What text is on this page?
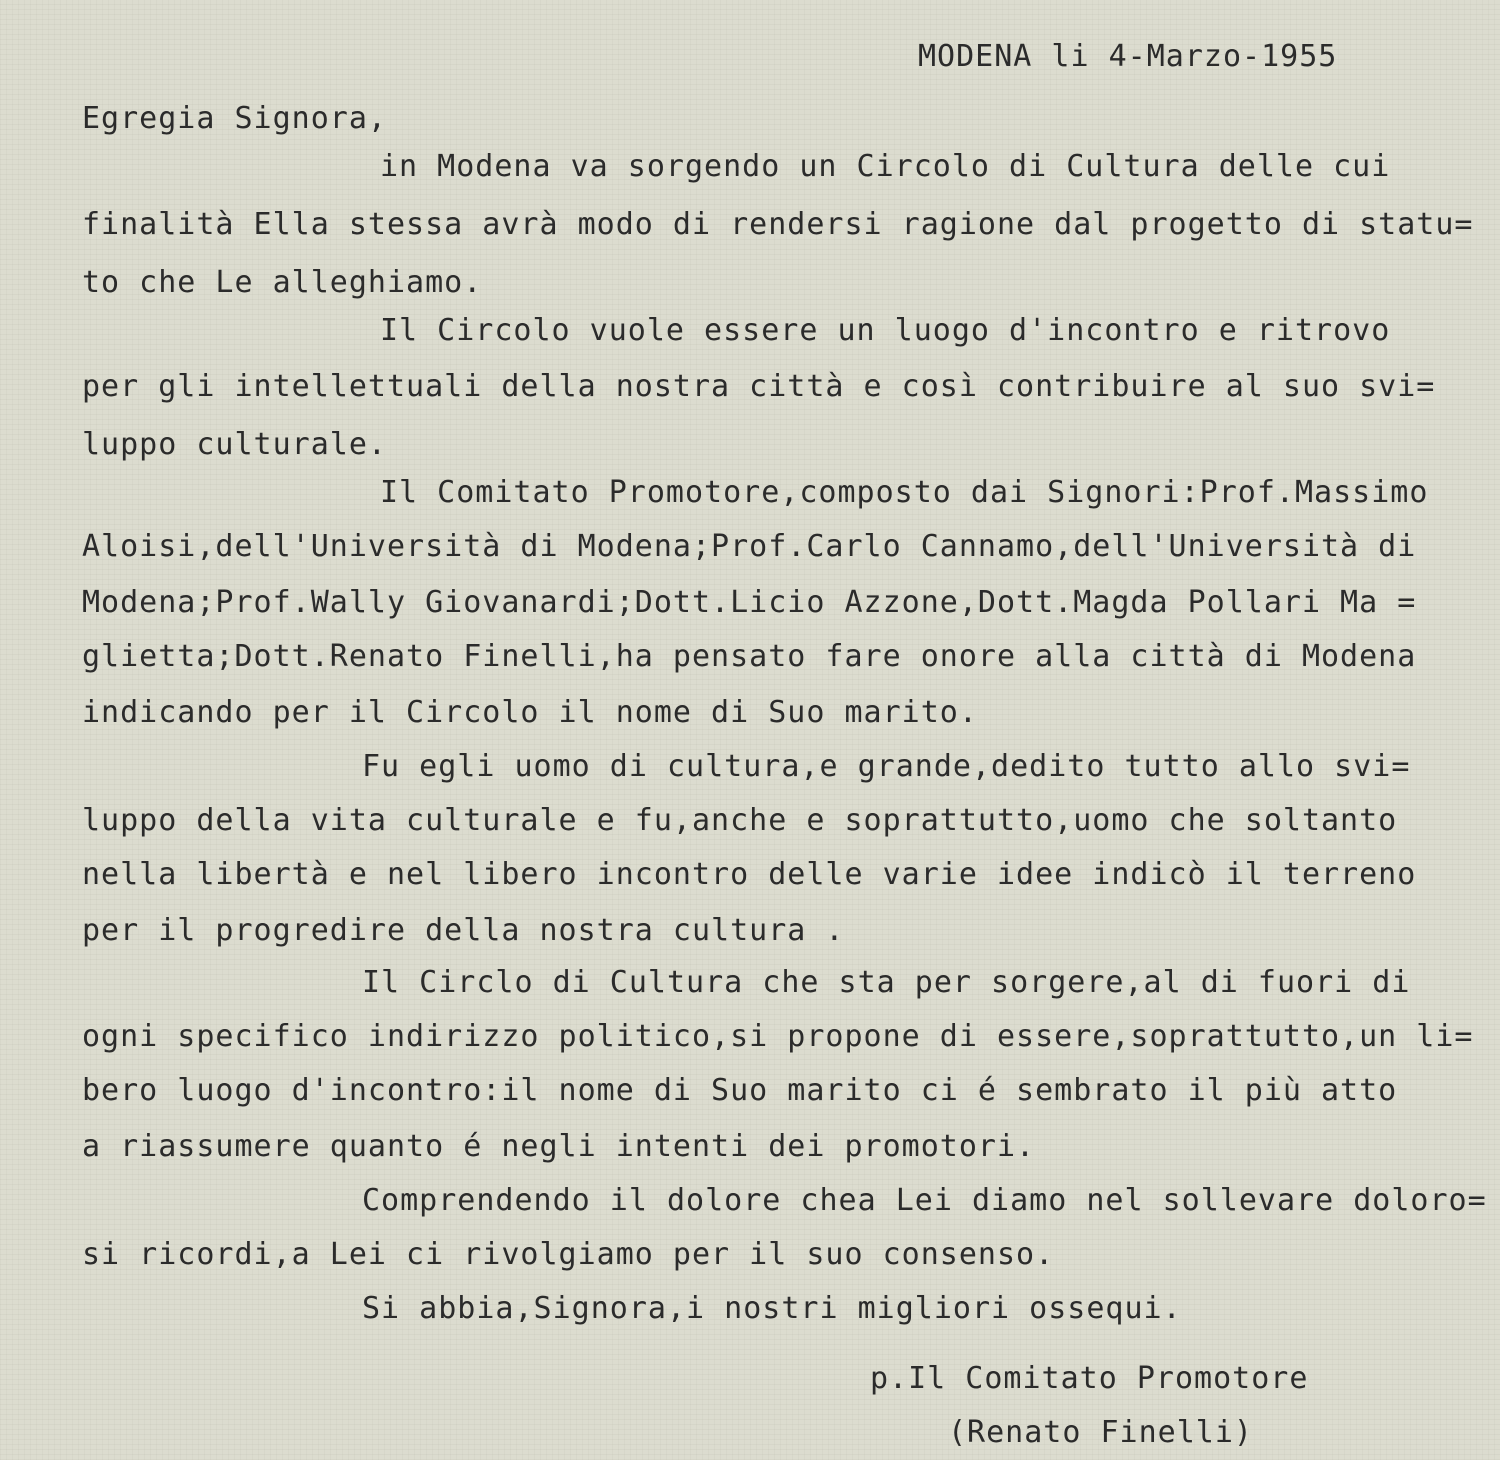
MODENA li 4-Marzo-1955

Egregia Signora,

in Modena va sorgendo un Circolo di Cultura delle cui

finalità Ella stessa avrà modo di rendersi ragione dal progetto di statu=

to che Le alleghiamo.

Il Circolo vuole essere un luogo d'incontro e ritrovo

per gli intellettuali della nostra città e così contribuire al suo svi=

luppo culturale.

Il Comitato Promotore,composto dai Signori:Prof.Massimo

Aloisi,dell'Università di Modena;Prof.Carlo Cannamo,dell'Università di

Modena;Prof.Wally Giovanardi;Dott.Licio Azzone,Dott.Magda Pollari Ma =

glietta;Dott.Renato Finelli,ha pensato fare onore alla città di Modena

indicando per il Circolo il nome di Suo marito.

Fu egli uomo di cultura,e grande,dedito tutto allo svi=

luppo della vita culturale e fu,anche e soprattutto,uomo che soltanto

nella libertà e nel libero incontro delle varie idee indicò il terreno

per il progredire della nostra cultura .

Il Circlo di Cultura che sta per sorgere,al di fuori di

ogni specifico indirizzo politico,si propone di essere,soprattutto,un li=

bero luogo d'incontro:il nome di Suo marito ci é sembrato il più atto

a riassumere quanto é negli intenti dei promotori.

Comprendendo il dolore chea Lei diamo nel sollevare doloro=

si ricordi,a Lei ci rivolgiamo per il suo consenso.

Si abbia,Signora,i nostri migliori ossequi.

p.Il Comitato Promotore

(Renato Finelli)
